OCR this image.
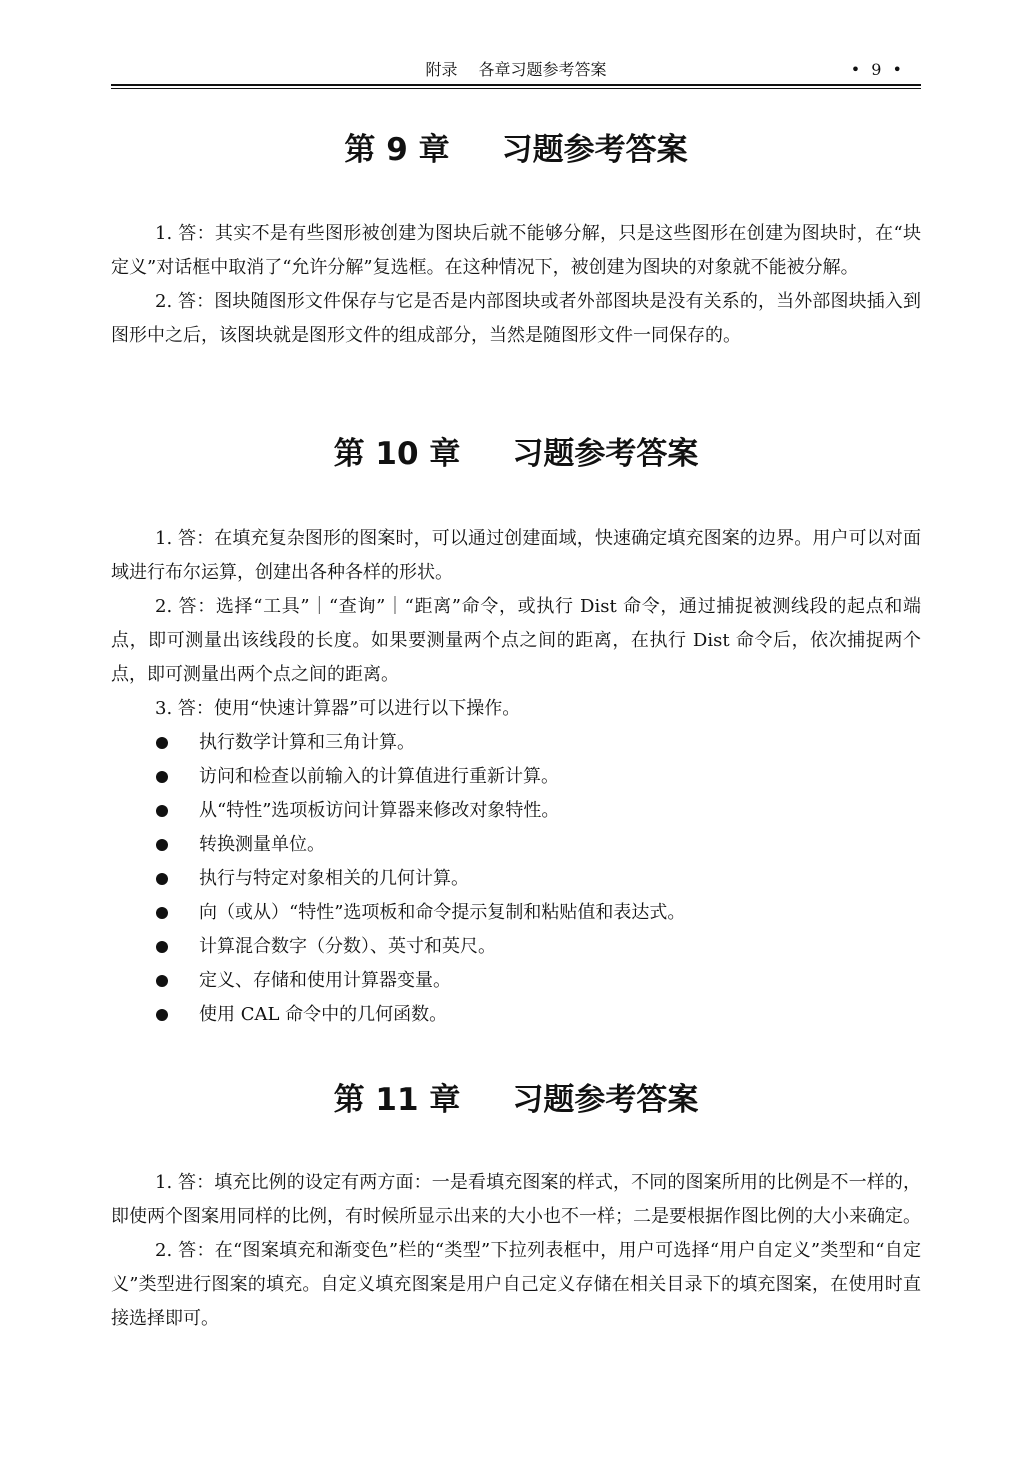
附录　 各章习题参考答案	• 9 •
第 9 章 习题参考答案

1. 答：其实不是有些图形被创建为图块后就不能够分解，只是这些图形在创建为图块时，在“块定义”对话框中取消了“允许分解”复选框。在这种情况下，被创建为图块的对象就不能被分解。

2. 答：图块随图形文件保存与它是否是内部图块或者外部图块是没有关系的，当外部图块插入到图形中之后，该图块就是图形文件的组成部分，当然是随图形文件一同保存的。

第 10 章 习题参考答案

1. 答：在填充复杂图形的图案时，可以通过创建面域，快速确定填充图案的边界。用户可以对面域进行布尔运算，创建出各种各样的形状。

2. 答：选择“工具”｜“查询”｜“距离”命令，或执行 Dist 命令，通过捕捉被测线段的起点和端点，即可测量出该线段的长度。如果要测量两个点之间的距离，在执行 Dist 命令后，依次捕捉两个点，即可测量出两个点之间的距离。

3. 答：使用“快速计算器”可以进行以下操作。

执行数学计算和三角计算。
访问和检查以前输入的计算值进行重新计算。
从“特性”选项板访问计算器来修改对象特性。
转换测量单位。
执行与特定对象相关的几何计算。
向（或从）“特性”选项板和命令提示复制和粘贴值和表达式。
计算混合数字（分数）、英寸和英尺。
定义、存储和使用计算器变量。
使用 CAL 命令中的几何函数。
第 11 章 习题参考答案

1. 答：填充比例的设定有两方面：一是看填充图案的样式，不同的图案所用的比例是不一样的，即使两个图案用同样的比例，有时候所显示出来的大小也不一样；二是要根据作图比例的大小来确定。

2. 答：在“图案填充和渐变色”栏的“类型”下拉列表框中，用户可选择“用户自定义”类型和“自定义”类型进行图案的填充。自定义填充图案是用户自己定义存储在相关目录下的填充图案，在使用时直接选择即可。
